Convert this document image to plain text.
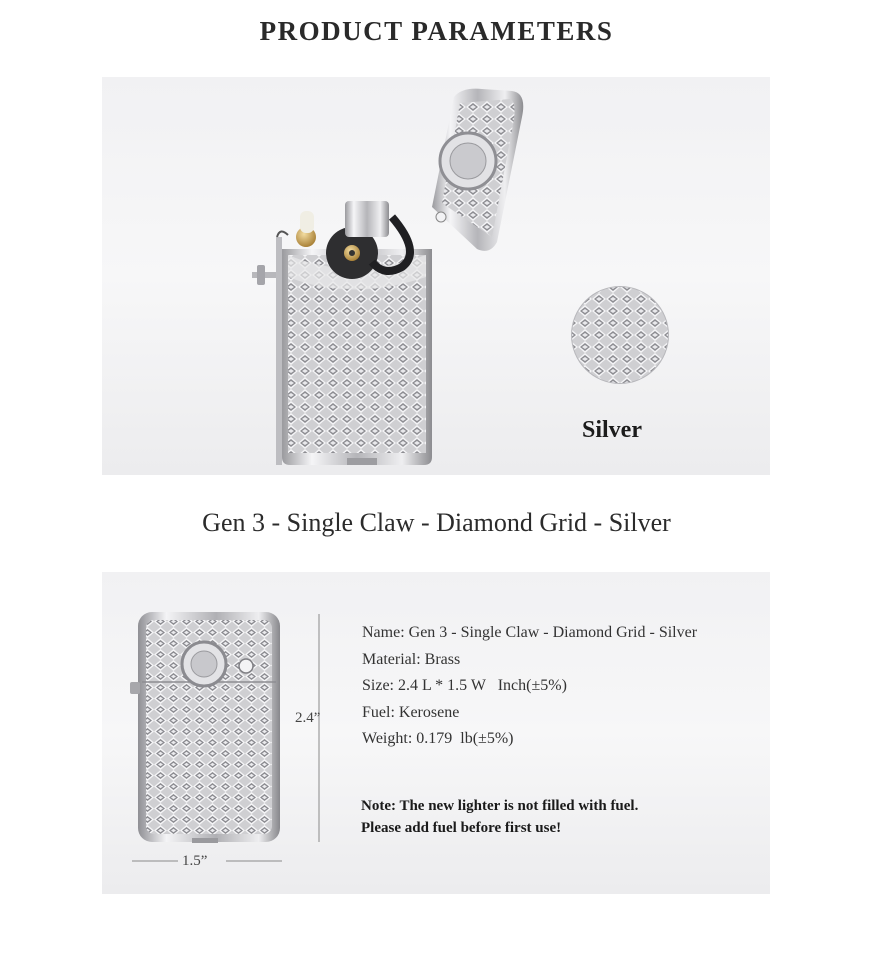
PRODUCT PARAMETERS
Silver
Gen 3 - Single Claw - Diamond Grid - Silver
2.4”
1.5”
Name: Gen 3 - Single Claw - Diamond Grid - Silver
Material: Brass
Size: 2.4 L * 1.5 W   Inch(±5%)
Fuel: Kerosene
Weight: 0.179  lb(±5%)
Note: The new lighter is not filled with fuel.
Please add fuel before first use!
